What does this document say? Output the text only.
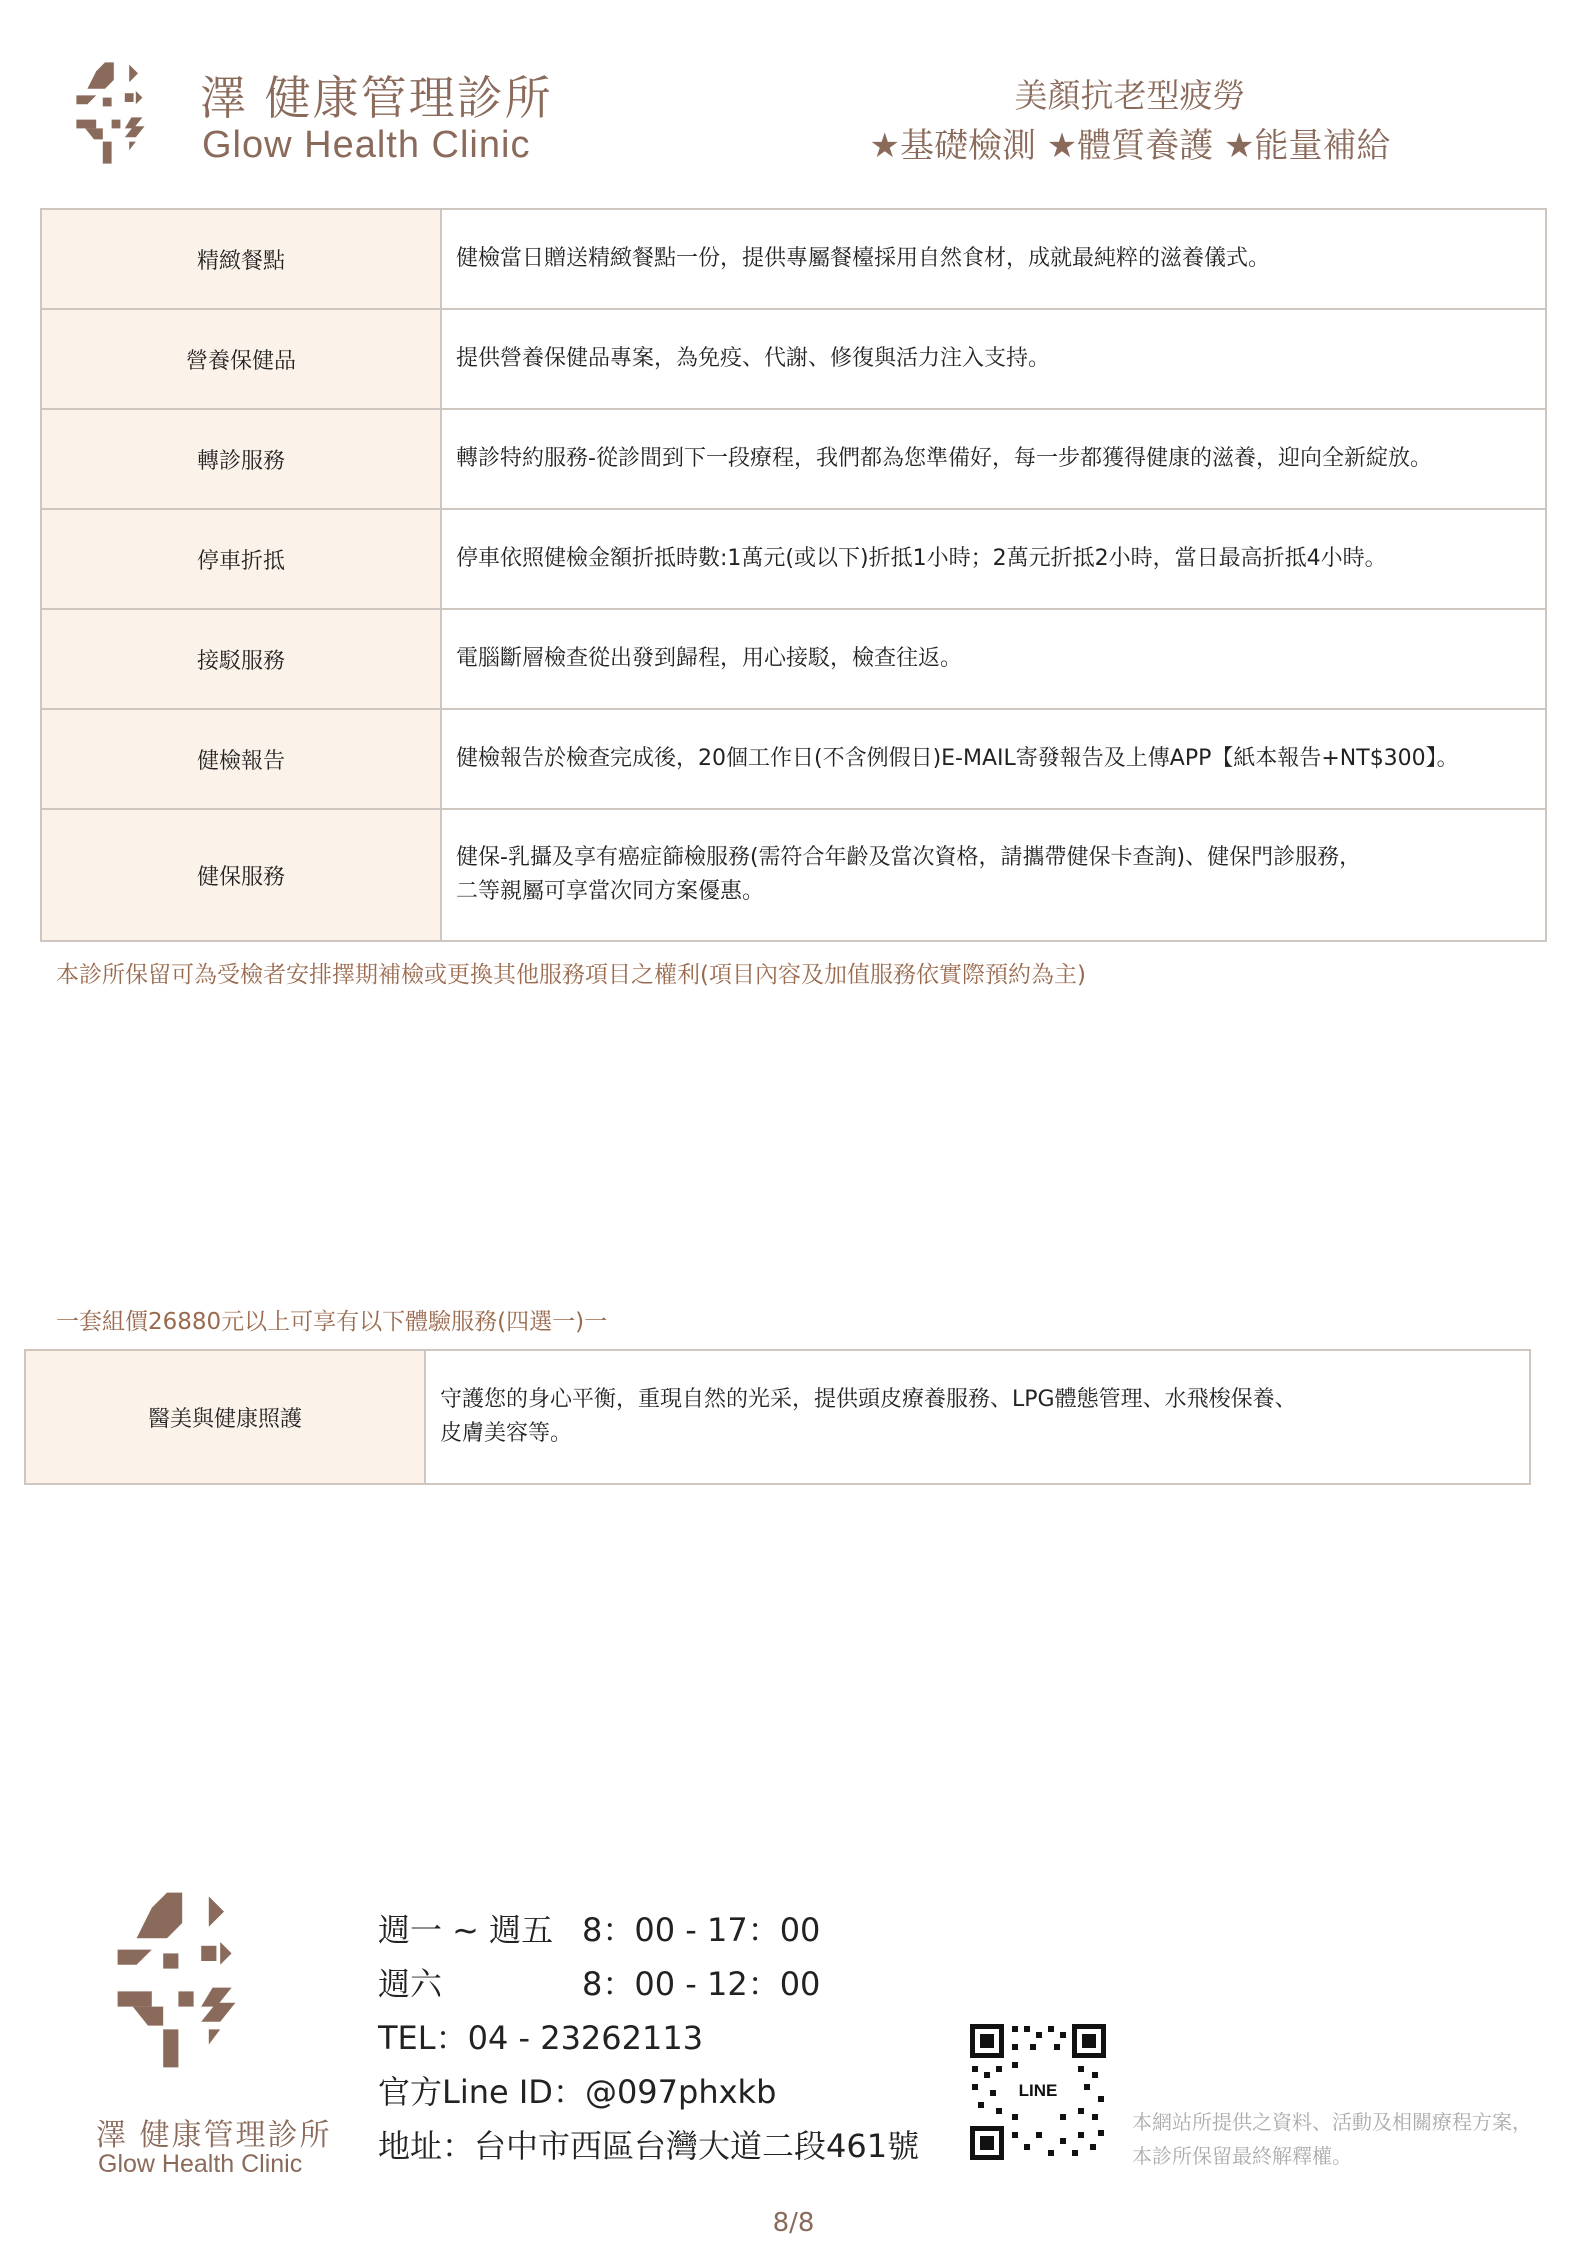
澤 健康管理診所
Glow Health Clinic
美顏抗老型疲勞
★基礎檢測 ★體質養護 ★能量補給
精緻餐點	健檢當日贈送精緻餐點一份，提供專屬餐檯採用自然食材，成就最純粹的滋養儀式。
營養保健品	提供營養保健品專案，為免疫、代謝、修復與活力注入支持。
轉診服務	轉診特約服務-從診間到下一段療程，我們都為您準備好，每一步都獲得健康的滋養，迎向全新綻放。
停車折抵	停車依照健檢金額折抵時數:1萬元(或以下)折抵1小時；2萬元折抵2小時，當日最高折抵4小時。
接駁服務	電腦斷層檢查從出發到歸程，用心接駁，檢查往返。
健檢報告	健檢報告於檢查完成後，20個工作日(不含例假日)E-MAIL寄發報告及上傳APP【紙本報告+NT$300】。
健保服務	健保-乳攝及享有癌症篩檢服務(需符合年齡及當次資格，請攜帶健保卡查詢)、健保門診服務，
二等親屬可享當次同方案優惠。
本診所保留可為受檢者安排擇期補檢或更換其他服務項目之權利(項目內容及加值服務依實際預約為主)
一套組價26880元以上可享有以下體驗服務(四選一)一
醫美與健康照護	守護您的身心平衡，重現自然的光采，提供頭皮療養服務、LPG體態管理、水飛梭保養、
皮膚美容等。
澤 健康管理診所
Glow Health Clinic
週一 ~ 週五 8：00 - 17：00
週六	8：00 - 12：00
TEL：04 - 23262113
官方Line ID：@097phxkb
地址：台中市西區台灣大道二段461號
LINE
本網站所提供之資料、活動及相關療程方案，
本診所保留最終解釋權。
8/8
